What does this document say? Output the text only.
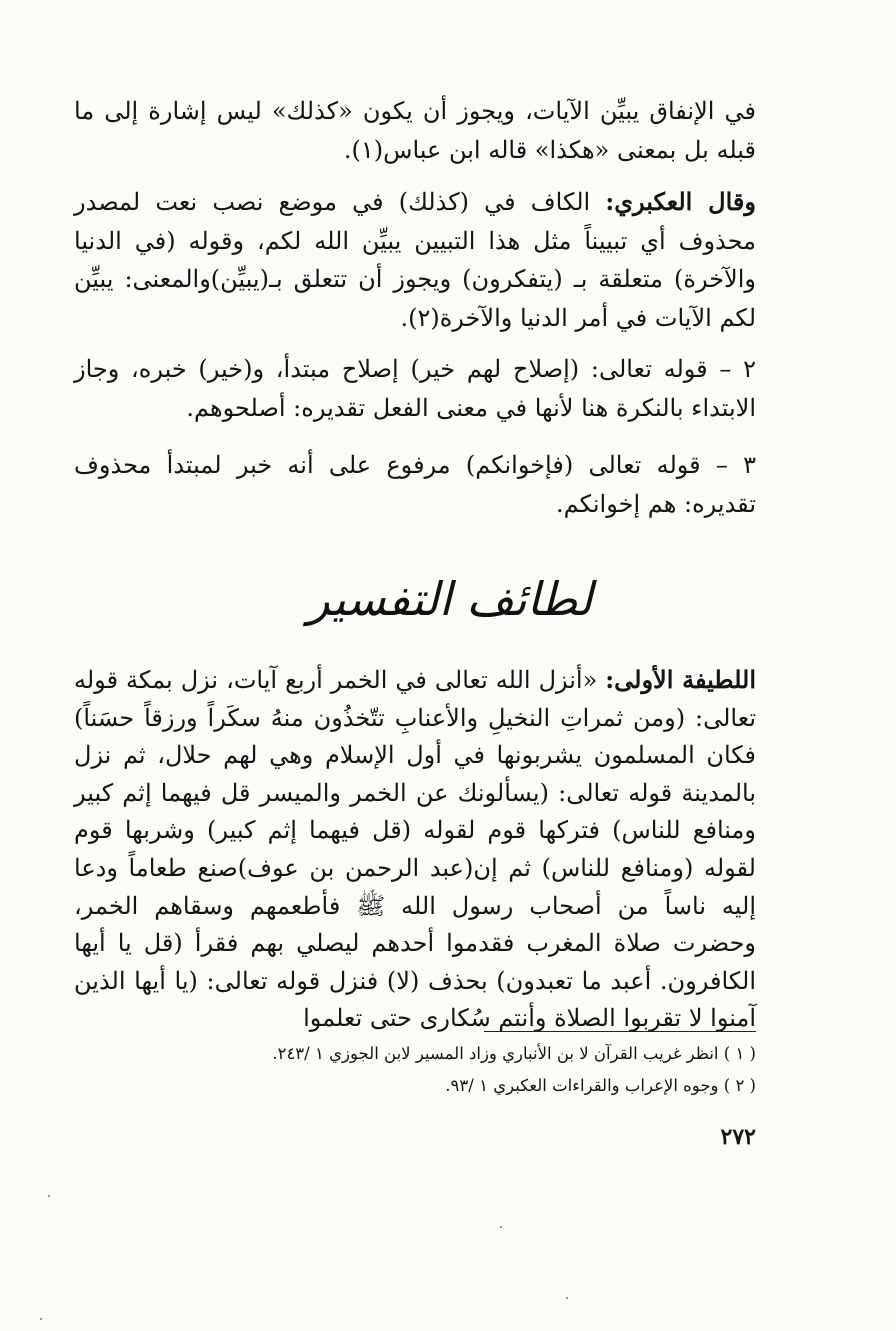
في الإنفاق يبيِّن الآيات، ويجوز أن يكون «كذلك» ليس إشارة إلى ما قبله بل بمعنى «هكذا» قاله ابن عباس(١).

وقال العكبري: الكاف في (كذلك) في موضع نصب نعت لمصدر محذوف أي تبييناً مثل هذا التبيين يبيِّن الله لكم، وقوله (في الدنيا والآخرة) متعلقة بـ (يتفكرون) ويجوز أن تتعلق بـ(يبيِّن)والمعنى: يبيِّن لكم الآيات في أمر الدنيا والآخرة(٢).

٢ – قوله تعالى: (إصلاح لهم خير) إصلاح مبتدأ، و(خير) خبره، وجاز الابتداء بالنكرة هنا لأنها في معنى الفعل تقديره: أصلحوهم.

٣ – قوله تعالى (فإخوانكم) مرفوع على أنه خبر لمبتدأ محذوف تقديره: هم إخوانكم.

لطائف التفسير

اللطيفة الأولى: «أنزل الله تعالى في الخمر أربع آيات، نزل بمكة قوله تعالى: (ومن ثمراتِ النخيلِ والأعنابِ تتّخذُون منهُ سكَراً ورزقاً حسَناً) فكان المسلمون يشربونها في أول الإسلام وهي لهم حلال، ثم نزل بالمدينة قوله تعالى: (يسألونك عن الخمر والميسر قل فيهما إثم كبير ومنافع للناس) فتركها قوم لقوله (قل فيهما إثم كبير) وشربها قوم لقوله (ومنافع للناس) ثم إن(عبد الرحمن بن عوف)صنع طعاماً ودعا إليه ناساً من أصحاب رسول الله ﷺ فأطعمهم وسقاهم الخمر، وحضرت صلاة المغرب فقدموا أحدهم ليصلي بهم فقرأ (قل يا أيها الكافرون. أعبد ما تعبدون) بحذف (لا) فنزل قوله تعالى: (يا أيها الذين آمنوا لا تقربوا الصلاة وأنتم سُكارى حتى تعلموا

( ١ ) انظر غريب القرآن لا بن الأنباري وزاد المسير لابن الجوزي ١ /٢٤٣.
( ٢ ) وجوه الإعراب والقراءات العكبري ١ /٩٣.
٢٧٢
